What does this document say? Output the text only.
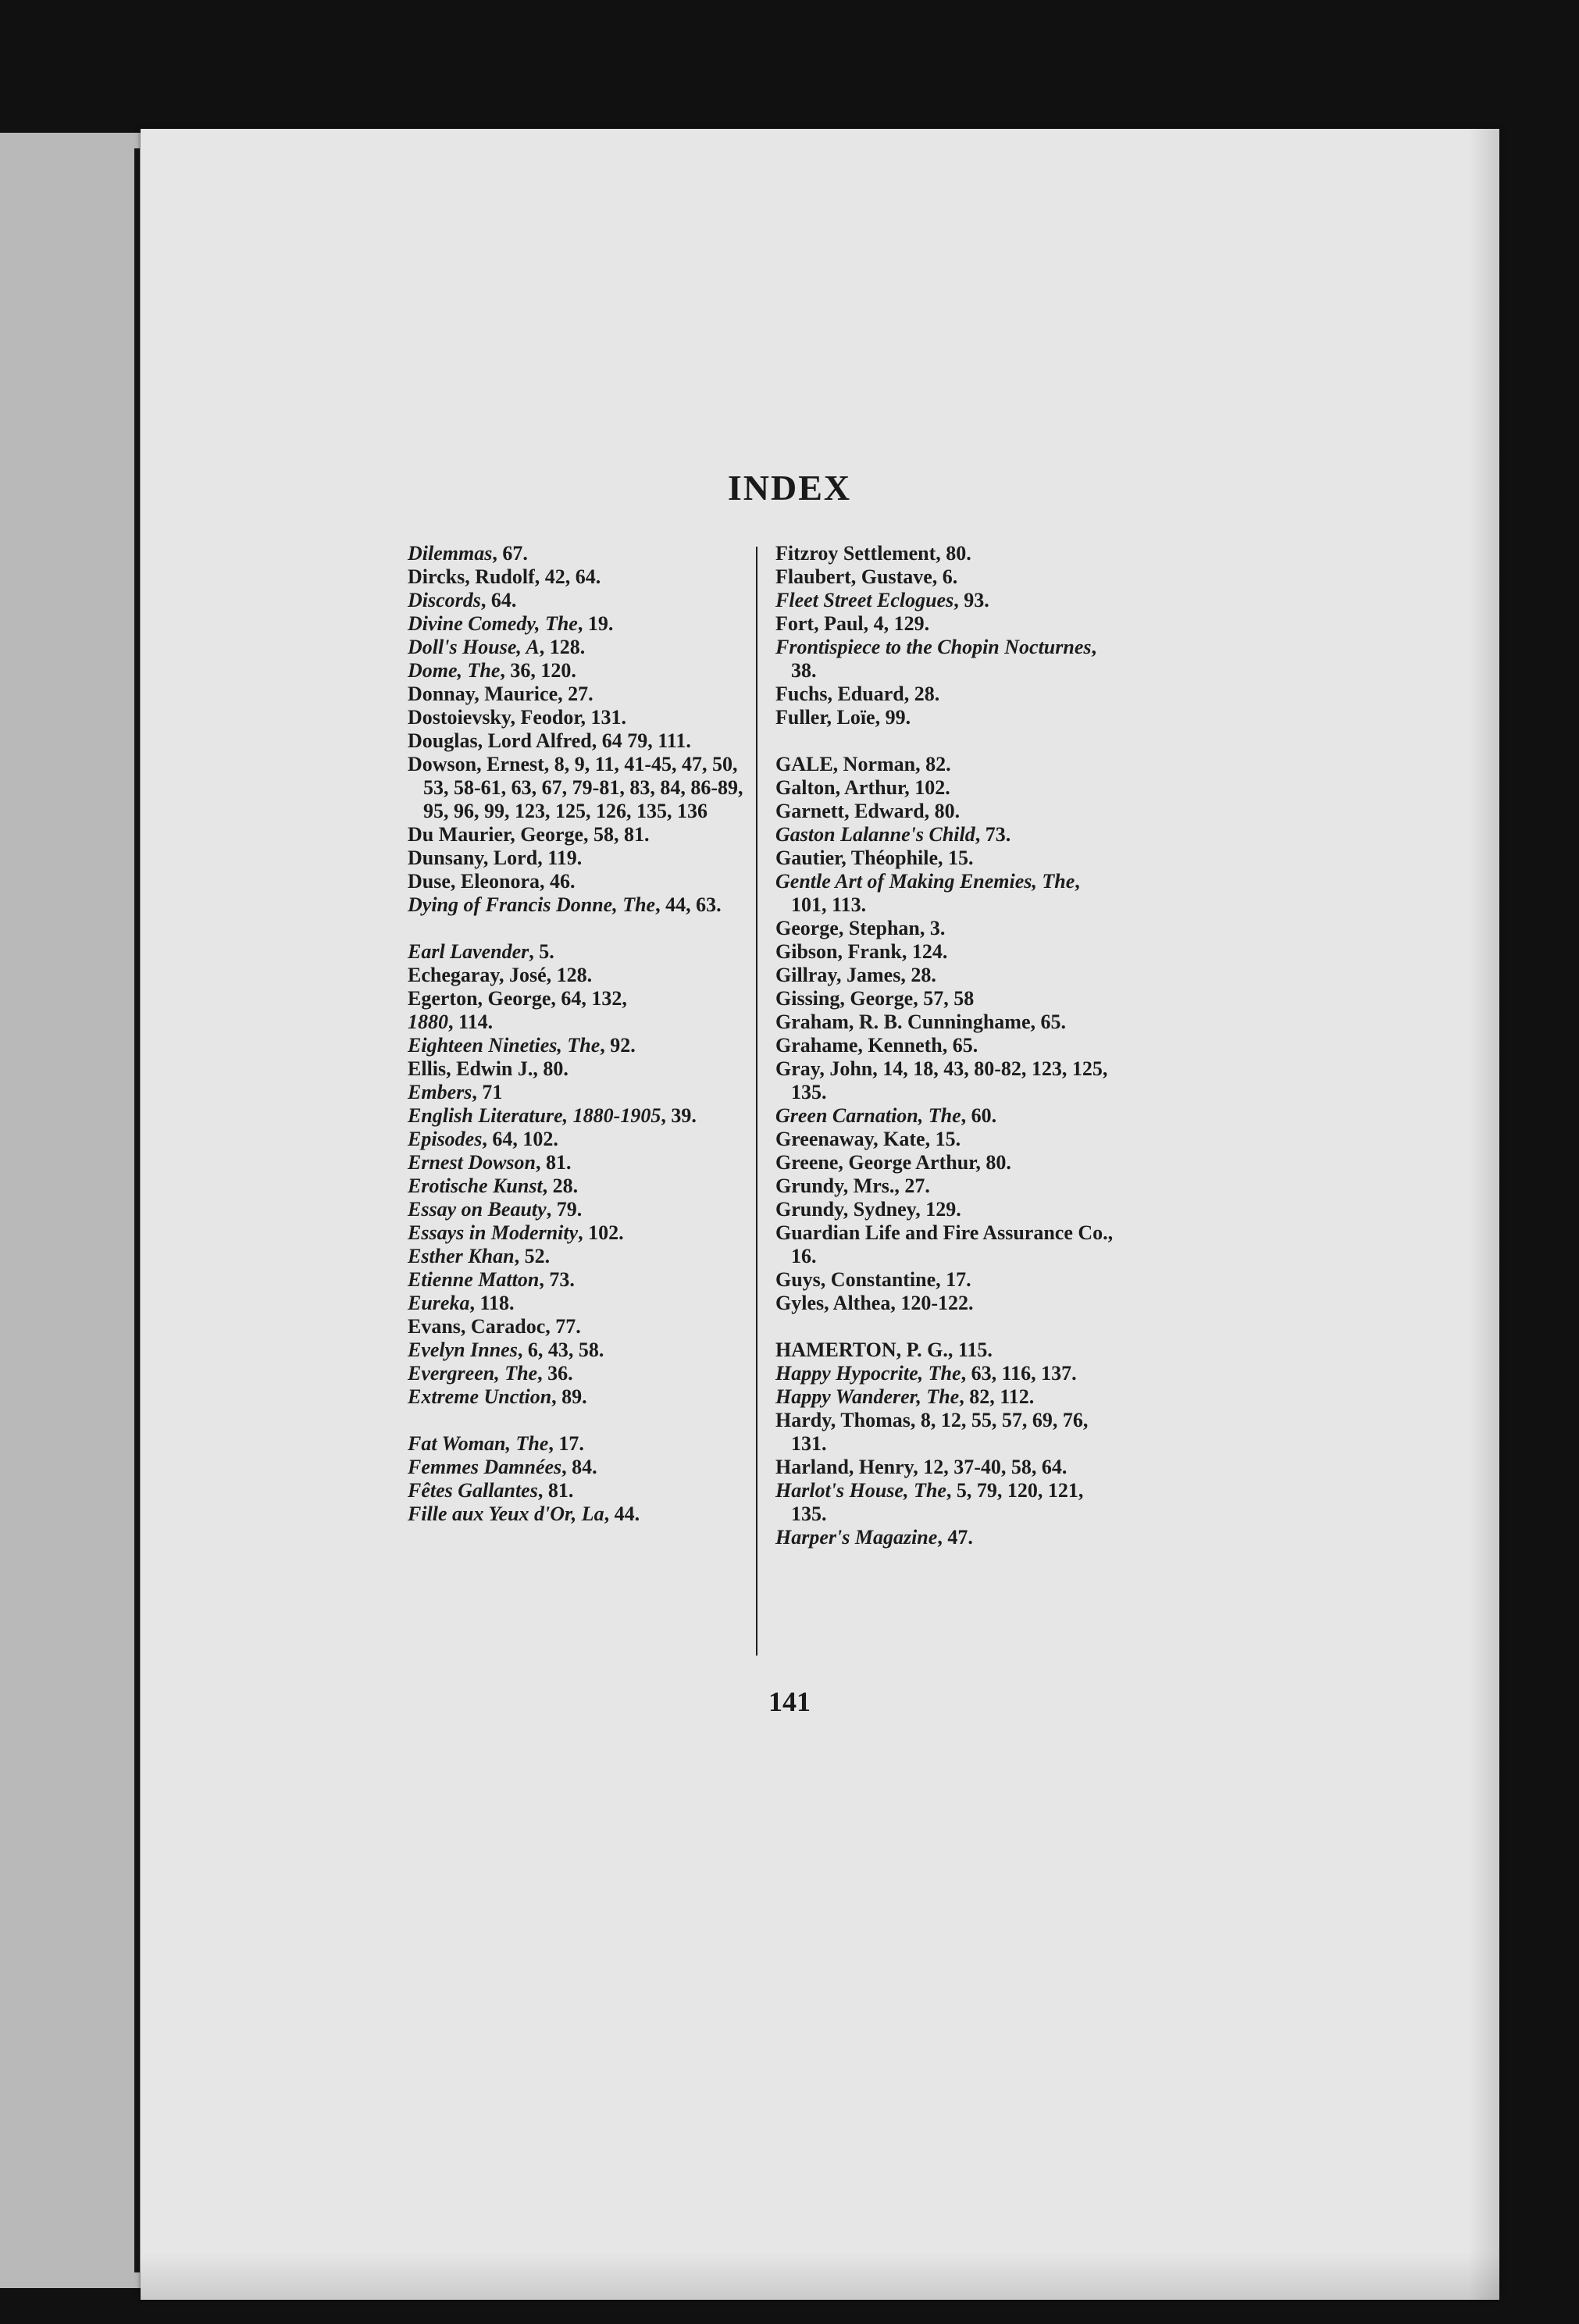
INDEX

Dilemmas, 67.

Dircks, Rudolf, 42, 64.

Discords, 64.

Divine Comedy, The, 19.

Doll's House, A, 128.

Dome, The, 36, 120.

Donnay, Maurice, 27.

Dostoievsky, Feodor, 131.

Douglas, Lord Alfred, 64 79, 111.

Dowson, Ernest, 8, 9, 11, 41-45, 47, 50, 53, 58-61, 63, 67, 79-81, 83, 84, 86-89, 95, 96, 99, 123, 125, 126, 135, 136

Du Maurier, George, 58, 81.

Dunsany, Lord, 119.

Duse, Eleonora, 46.

Dying of Francis Donne, The, 44, 63.

Earl Lavender, 5.

Echegaray, José, 128.

Egerton, George, 64, 132,

1880, 114.

Eighteen Nineties, The, 92.

Ellis, Edwin J., 80.

Embers, 71

English Literature, 1880-1905, 39.

Episodes, 64, 102.

Ernest Dowson, 81.

Erotische Kunst, 28.

Essay on Beauty, 79.

Essays in Modernity, 102.

Esther Khan, 52.

Etienne Matton, 73.

Eureka, 118.

Evans, Caradoc, 77.

Evelyn Innes, 6, 43, 58.

Evergreen, The, 36.

Extreme Unction, 89.

Fat Woman, The, 17.

Femmes Damnées, 84.

Fêtes Gallantes, 81.

Fille aux Yeux d'Or, La, 44.

Fitzroy Settlement, 80.

Flaubert, Gustave, 6.

Fleet Street Eclogues, 93.

Fort, Paul, 4, 129.

Frontispiece to the Chopin Nocturnes, 38.

Fuchs, Eduard, 28.

Fuller, Loïe, 99.

GALE, Norman, 82.

Galton, Arthur, 102.

Garnett, Edward, 80.

Gaston Lalanne's Child, 73.

Gautier, Théophile, 15.

Gentle Art of Making Enemies, The, 101, 113.

George, Stephan, 3.

Gibson, Frank, 124.

Gillray, James, 28.

Gissing, George, 57, 58

Graham, R. B. Cunninghame, 65.

Grahame, Kenneth, 65.

Gray, John, 14, 18, 43, 80-82, 123, 125, 135.

Green Carnation, The, 60.

Greenaway, Kate, 15.

Greene, George Arthur, 80.

Grundy, Mrs., 27.

Grundy, Sydney, 129.

Guardian Life and Fire Assurance Co., 16.

Guys, Constantine, 17.

Gyles, Althea, 120-122.

HAMERTON, P. G., 115.

Happy Hypocrite, The, 63, 116, 137.

Happy Wanderer, The, 82, 112.

Hardy, Thomas, 8, 12, 55, 57, 69, 76, 131.

Harland, Henry, 12, 37-40, 58, 64.

Harlot's House, The, 5, 79, 120, 121, 135.

Harper's Magazine, 47.

141
